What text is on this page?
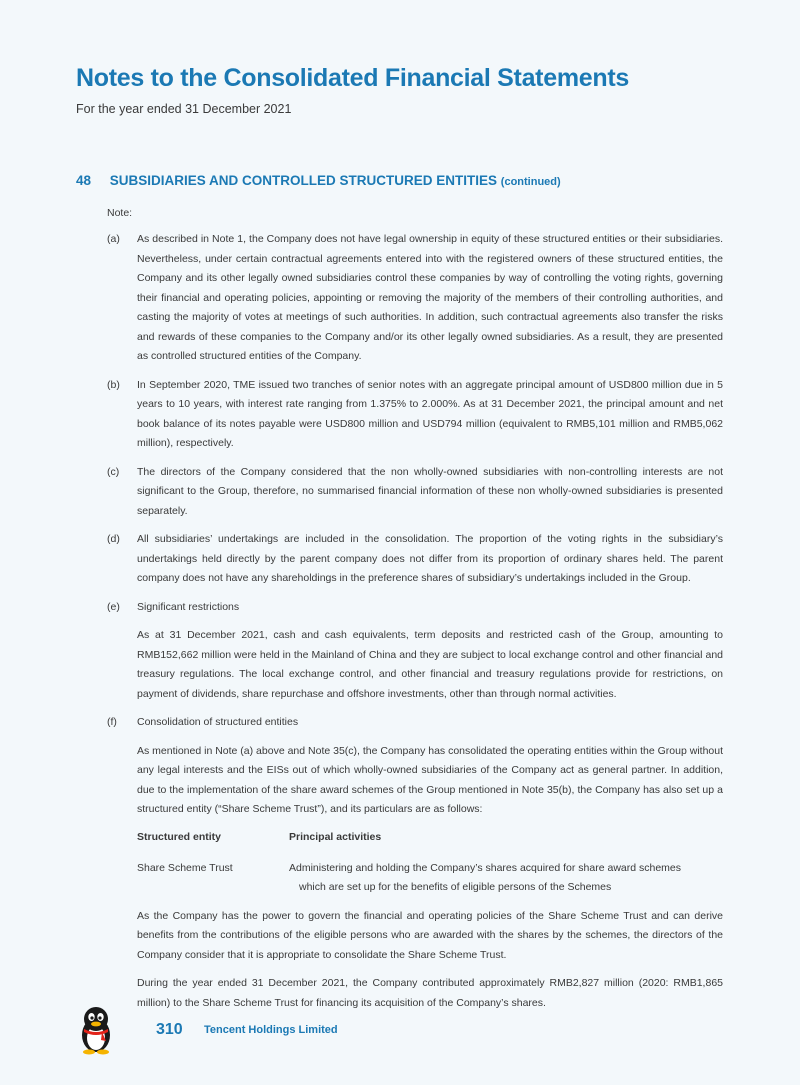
Notes to the Consolidated Financial Statements
For the year ended 31 December 2021
48 SUBSIDIARIES AND CONTROLLED STRUCTURED ENTITIES (continued)
Note:
(a)	As described in Note 1, the Company does not have legal ownership in equity of these structured entities or their subsidiaries. Nevertheless, under certain contractual agreements entered into with the registered owners of these structured entities, the Company and its other legally owned subsidiaries control these companies by way of controlling the voting rights, governing their financial and operating policies, appointing or removing the majority of the members of their controlling authorities, and casting the majority of votes at meetings of such authorities. In addition, such contractual agreements also transfer the risks and rewards of these companies to the Company and/or its other legally owned subsidiaries. As a result, they are presented as controlled structured entities of the Company.

(b)	In September 2020, TME issued two tranches of senior notes with an aggregate principal amount of USD800 million due in 5 years to 10 years, with interest rate ranging from 1.375% to 2.000%. As at 31 December 2021, the principal amount and net book balance of its notes payable were USD800 million and USD794 million (equivalent to RMB5,101 million and RMB5,062 million), respectively.

(c)	The directors of the Company considered that the non wholly-owned subsidiaries with non-controlling interests are not significant to the Group, therefore, no summarised financial information of these non wholly-owned subsidiaries is presented separately.

(d)	All subsidiaries’ undertakings are included in the consolidation. The proportion of the voting rights in the subsidiary’s undertakings held directly by the parent company does not differ from its proportion of ordinary shares held. The parent company does not have any shareholdings in the preference shares of subsidiary’s undertakings included in the Group.

(e)	Significant restrictions

As at 31 December 2021, cash and cash equivalents, term deposits and restricted cash of the Group, amounting to RMB152,662 million were held in the Mainland of China and they are subject to local exchange control and other financial and treasury regulations. The local exchange control, and other financial and treasury regulations provide for restrictions, on payment of dividends, share repurchase and offshore investments, other than through normal activities.

(f)	Consolidation of structured entities

As mentioned in Note (a) above and Note 35(c), the Company has consolidated the operating entities within the Group without any legal interests and the EISs out of which wholly-owned subsidiaries of the Company act as general partner. In addition, due to the implementation of the share award schemes of the Group mentioned in Note 35(b), the Company has also set up a structured entity (“Share Scheme Trust”), and its particulars are as follows:

Structured entity	Principal activities
Share Scheme Trust	Administering and holding the Company’s shares acquired for share award schemes

which are set up for the benefits of eligible persons of the Schemes

As the Company has the power to govern the financial and operating policies of the Share Scheme Trust and can derive benefits from the contributions of the eligible persons who are awarded with the shares by the schemes, the directors of the Company consider that it is appropriate to consolidate the Share Scheme Trust.

During the year ended 31 December 2021, the Company contributed approximately RMB2,827 million (2020: RMB1,865 million) to the Share Scheme Trust for financing its acquisition of the Company’s shares.

310 Tencent Holdings Limited
